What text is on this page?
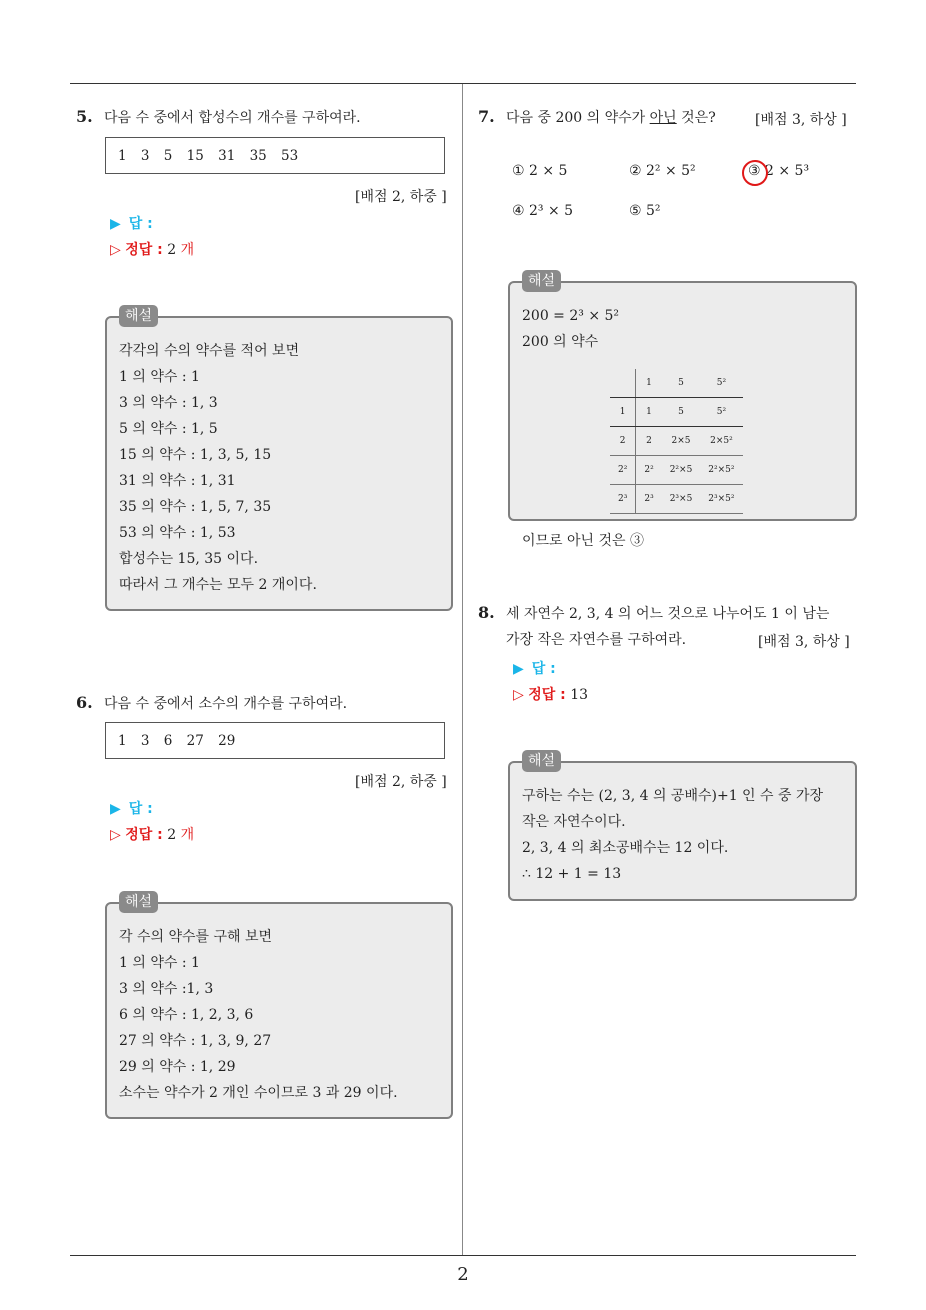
2
5. 다음 수 중에서 합성수의 개수를 구하여라.
1 3 5 15 31 35 53
[배점 2, 하중 ]
▶ 답 :
▷ 정답 : 2 개
해설
각각의 수의 약수를 적어 보면
1 의 약수 : 1
3 의 약수 : 1, 3
5 의 약수 : 1, 5
15 의 약수 : 1, 3, 5, 15
31 의 약수 : 1, 31
35 의 약수 : 1, 5, 7, 35
53 의 약수 : 1, 53
합성수는 15, 35 이다.
따라서 그 개수는 모두 2 개이다.
6. 다음 수 중에서 소수의 개수를 구하여라.
1 3 6 27 29
[배점 2, 하중 ]
▶ 답 :
▷ 정답 : 2 개
해설
각 수의 약수를 구해 보면
1 의 약수 : 1
3 의 약수 :1, 3
6 의 약수 : 1, 2, 3, 6
27 의 약수 : 1, 3, 9, 27
29 의 약수 : 1, 29
소수는 약수가 2 개인 수이므로 3 과 29 이다.
7. 다음 중 200 의 약수가 아닌 것은?	[배점 3, 하상 ]
① 2 × 5	② 2² × 5²	③ 2 × 5³
④ 2³ × 5	⑤ 5²
해설
200 = 2³ × 5²
200 의 약수
	1	5	5²
1	1	5	5²
2	2	2×5	2×5²
2²	2²	2²×5	2²×5²
2³	2³	2³×5	2³×5²
이므로 아닌 것은 ③
8. 세 자연수 2, 3, 4 의 어느 것으로 나누어도 1 이 남는
가장 작은 자연수를 구하여라.	[배점 3, 하상 ]
▶ 답 :
▷ 정답 : 13
해설
구하는 수는 (2, 3, 4 의 공배수)+1 인 수 중 가장
작은 자연수이다.
2, 3, 4 의 최소공배수는 12 이다.
∴ 12 + 1 = 13
